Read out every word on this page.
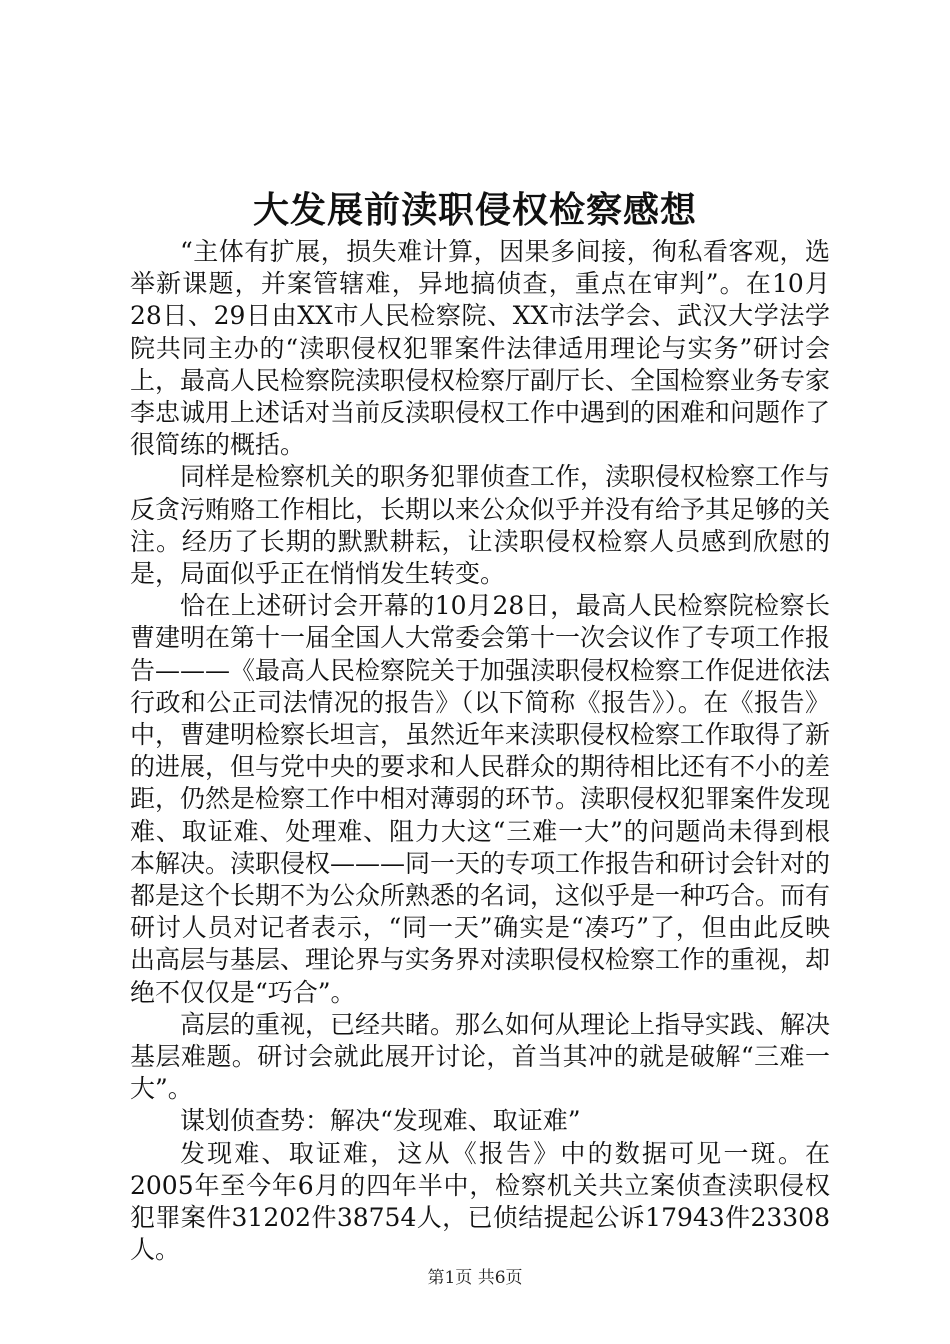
大发展前渎职侵权检察感想

“主体有扩展，损失难计算，因果多间接，徇私看客观，选举新课题，并案管辖难，异地搞侦查，重点在审判”。在10月28日、29日由XX市人民检察院、XX市法学会、武汉大学法学院共同主办的“渎职侵权犯罪案件法律适用理论与实务”研讨会上，最高人民检察院渎职侵权检察厅副厅长、全国检察业务专家李忠诚用上述话对当前反渎职侵权工作中遇到的困难和问题作了很简练的概括。

同样是检察机关的职务犯罪侦查工作，渎职侵权检察工作与反贪污贿赂工作相比，长期以来公众似乎并没有给予其足够的关注。经历了长期的默默耕耘，让渎职侵权检察人员感到欣慰的是，局面似乎正在悄悄发生转变。

恰在上述研讨会开幕的10月28日，最高人民检察院检察长曹建明在第十一届全国人大常委会第十一次会议作了专项工作报告———《最高人民检察院关于加强渎职侵权检察工作促进依法行政和公正司法情况的报告》（以下简称《报告》）。在《报告》中，曹建明检察长坦言，虽然近年来渎职侵权检察工作取得了新的进展，但与党中央的要求和人民群众的期待相比还有不小的差距，仍然是检察工作中相对薄弱的环节。渎职侵权犯罪案件发现难、取证难、处理难、阻力大这“三难一大”的问题尚未得到根本解决。渎职侵权———同一天的专项工作报告和研讨会针对的都是这个长期不为公众所熟悉的名词，这似乎是一种巧合。而有研讨人员对记者表示，“同一天”确实是“凑巧”了，但由此反映出高层与基层、理论界与实务界对渎职侵权检察工作的重视，却绝不仅仅是“巧合”。

高层的重视，已经共睹。那么如何从理论上指导实践、解决基层难题。研讨会就此展开讨论，首当其冲的就是破解“三难一大”。

谋划侦查势：解决“发现难、取证难”

发现难、取证难，这从《报告》中的数据可见一斑。在2005年至今年6月的四年半中，检察机关共立案侦查渎职侵权犯罪案件31202件38754人，已侦结提起公诉17943件23308人。

第1页 共6页
